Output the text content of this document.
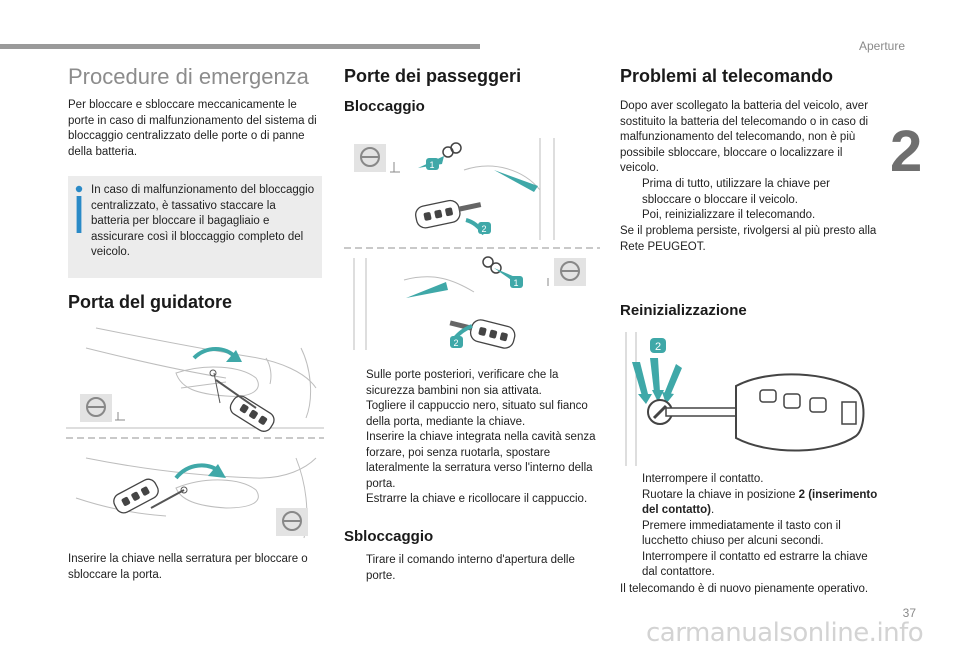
Aperture
2
37
Procedure di emergenza

Per bloccare e sbloccare meccanicamente le porte in caso di malfunzionamento del sistema di bloccaggio centralizzato delle porte o di panne della batteria.

In caso di malfunzionamento del bloccaggio centralizzato, è tassativo staccare la batteria per bloccare il bagagliaio e assicurare così il bloccaggio completo del veicolo.
Porta del guidatore

Inserire la chiave nella serratura per bloccare o sbloccare la porta.

Porte dei passeggeri
Bloccaggio
1
2
1
2
Sulle porte posteriori, verificare che la sicurezza bambini non sia attivata.
Togliere il cappuccio nero, situato sul fianco della porta, mediante la chiave.
Inserire la chiave integrata nella cavità senza forzare, poi senza ruotarla, spostare lateralmente la serratura verso l'interno della porta.
Estrarre la chiave e ricollocare il cappuccio.
Sbloccaggio
Tirare il comando interno d'apertura delle porte.
Problemi al telecomando

Dopo aver scollegato la batteria del veicolo, aver sostituito la batteria del telecomando o in caso di malfunzionamento del telecomando, non è più possibile sbloccare, bloccare o localizzare il veicolo.

Prima di tutto, utilizzare la chiave per sbloccare o bloccare il veicolo.
Poi, reinizializzare il telecomando.

Se il problema persiste, rivolgersi al più presto alla Rete PEUGEOT.

Reinizializzazione
2
Interrompere il contatto.
Ruotare la chiave in posizione 2 (inserimento del contatto).
Premere immediatamente il tasto con il lucchetto chiuso per alcuni secondi.
Interrompere il contatto ed estrarre la chiave dal contattore.

Il telecomando è di nuovo pienamente operativo.

carmanualsonline.info
